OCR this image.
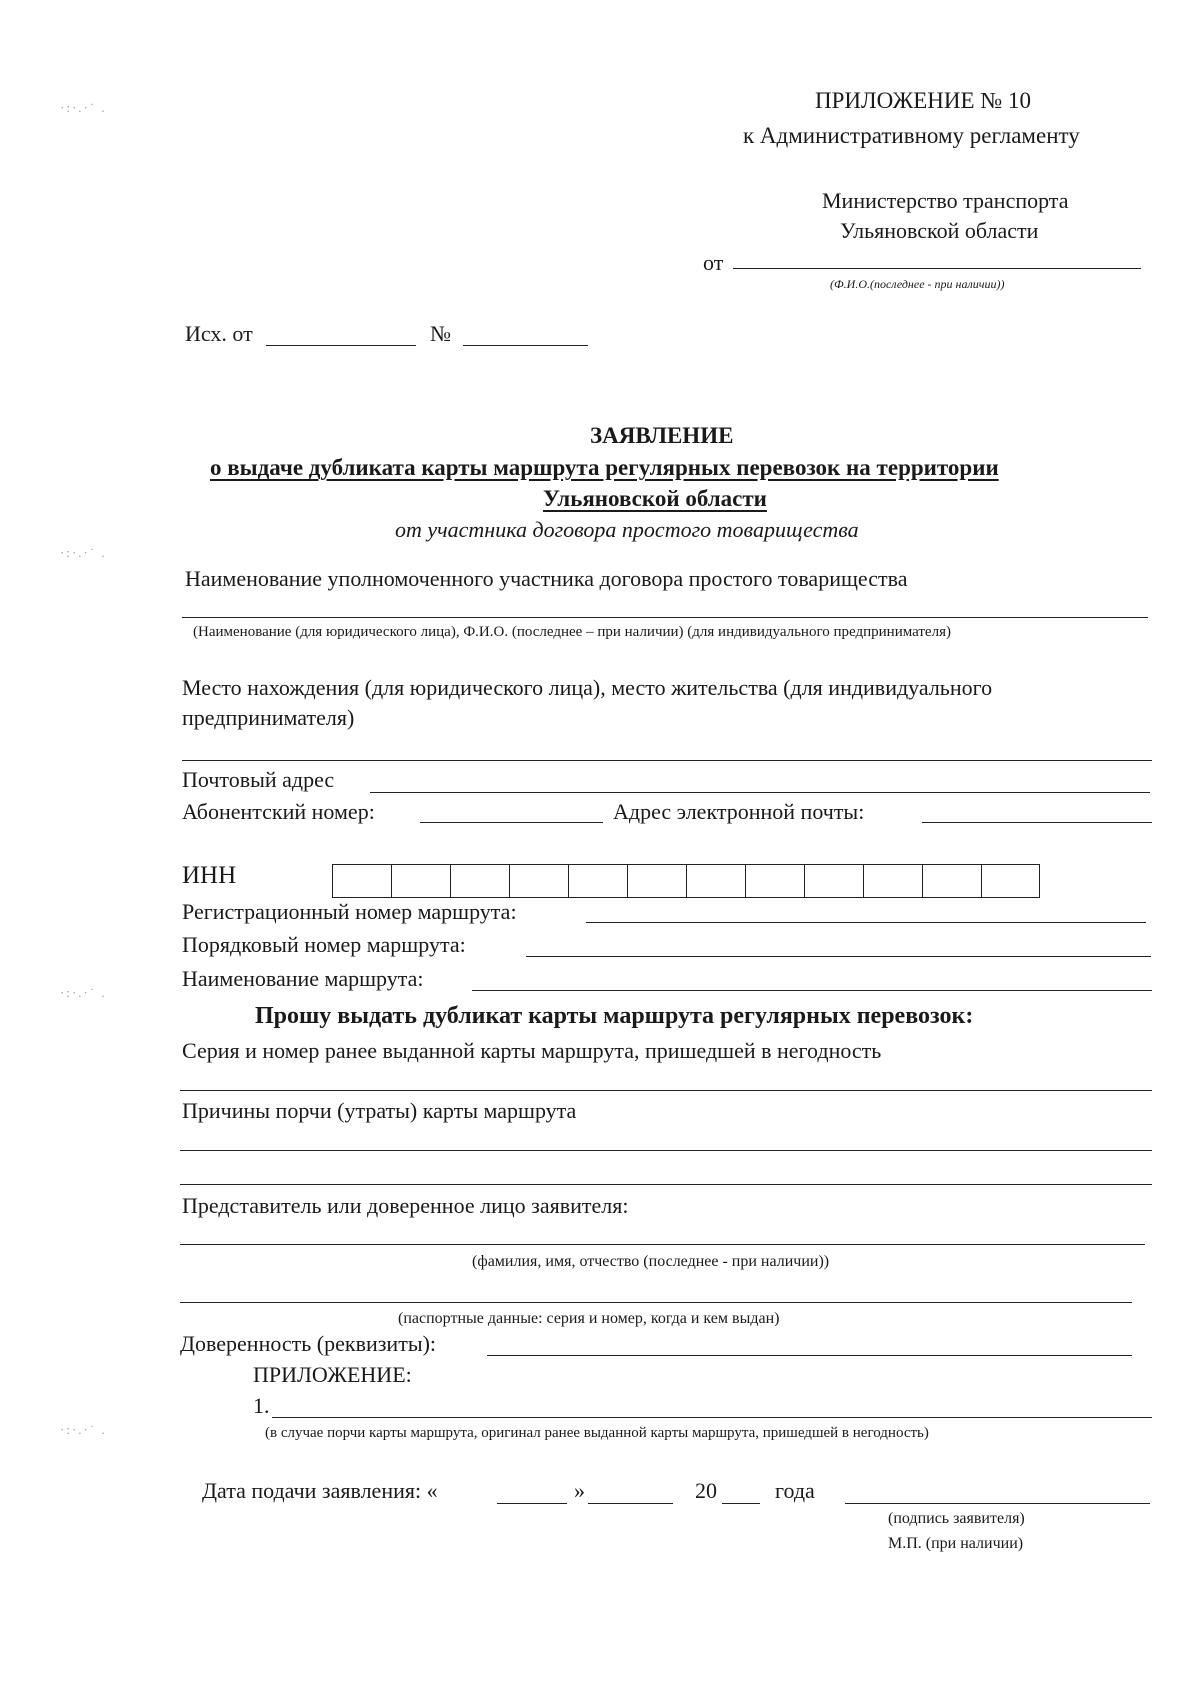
ПРИЛОЖЕНИЕ № 10
к Административному регламенту
Министерство транспорта
Ульяновской области
от
(Ф.И.О.(последнее - при наличии))
Исх. от	№
ЗАЯВЛЕНИЕ
о выдаче дубликата карты маршрута регулярных перевозок на территории
Ульяновской области
от участника договора простого товарищества
Наименование уполномоченного участника договора простого товарищества
(Наименование (для юридического лица), Ф.И.О. (последнее – при наличии) (для индивидуального предпринимателя)
Место нахождения (для юридического лица), место жительства (для индивидуального
предпринимателя)
Почтовый адрес
Абонентский номер:	Адрес электронной почты:
ИНН
Регистрационный номер маршрута:
Порядковый номер маршрута:
Наименование маршрута:
Прошу выдать дубликат карты маршрута регулярных перевозок:
Серия и номер ранее выданной карты маршрута, пришедшей в негодность
Причины порчи (утраты) карты маршрута
Представитель или доверенное лицо заявителя:
(фамилия, имя, отчество (последнее - при наличии))
(паспортные данные: серия и номер, когда и кем выдан)
Доверенность (реквизиты):
ПРИЛОЖЕНИЕ:
1.
(в случае порчи карты маршрута, оригинал ранее выданной карты маршрута, пришедшей в негодность)
Дата подачи заявления: «	»	20	года
(подпись заявителя)
М.П. (при наличии)
·:·.·˙ .
·:·.·˙ .
·:·.·˙ .
·:·.·˙ .
